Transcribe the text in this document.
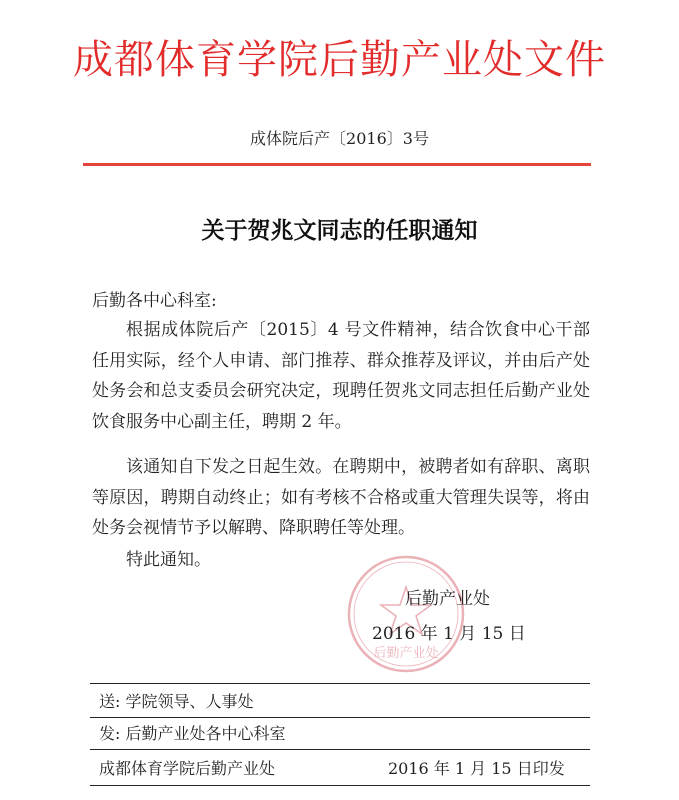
成都体育学院后勤产业处文件
成体院后产〔2016〕3号
关于贺兆文同志的任职通知
后勤各中心科室:
根据成体院后产〔2015〕4 号文件精神，结合饮食中心干部任用实际，经个人申请、部门推荐、群众推荐及评议，并由后产处处务会和总支委员会研究决定，现聘任贺兆文同志担任后勤产业处饮食服务中心副主任，聘期 2 年。
该通知自下发之日起生效。在聘期中，被聘者如有辞职、离职等原因，聘期自动终止；如有考核不合格或重大管理失误等，将由处务会视情节予以解聘、降职聘任等处理。
特此通知。
后勤产业处
后勤产业处
2016 年 1 月 15 日
送: 学院领导、人事处
发: 后勤产业处各中心科室
成都体育学院后勤产业处	2016 年 1 月 15 日印发
